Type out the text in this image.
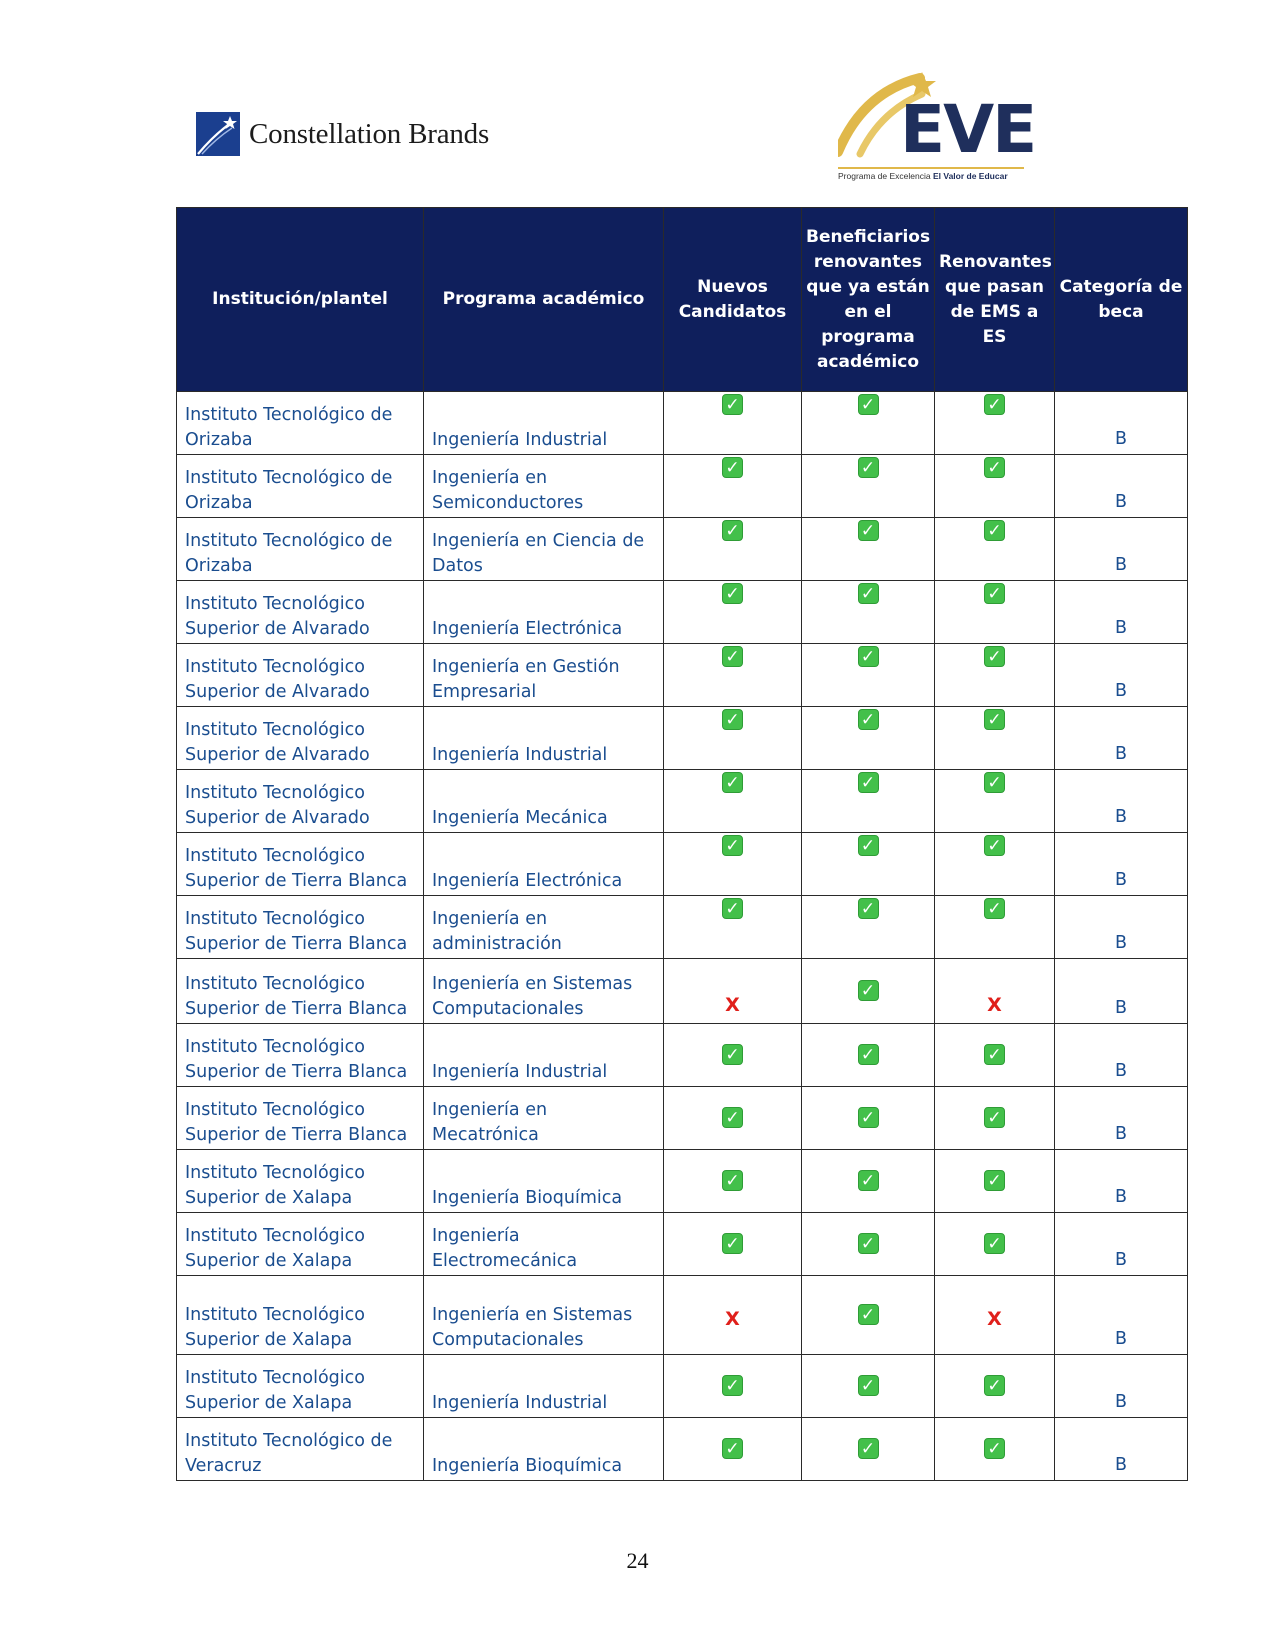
Constellation Brands	EVE
Programa de Excelencia El Valor de Educar
Institución/plantel	Programa académico	Nuevos Candidatos	Beneficiarios renovantes que ya están en el programa académico	Renovantes que pasan de EMS a ES	Categoría de beca
Instituto Tecnológico de Orizaba	Ingeniería Industrial	✓	✓	✓	B
Instituto Tecnológico de Orizaba	Ingeniería en Semiconductores	✓	✓	✓	B
Instituto Tecnológico de Orizaba	Ingeniería en Ciencia de Datos	✓	✓	✓	B
Instituto Tecnológico Superior de Alvarado	Ingeniería Electrónica	✓	✓	✓	B
Instituto Tecnológico Superior de Alvarado	Ingeniería en Gestión Empresarial	✓	✓	✓	B
Instituto Tecnológico Superior de Alvarado	Ingeniería Industrial	✓	✓	✓	B
Instituto Tecnológico Superior de Alvarado	Ingeniería Mecánica	✓	✓	✓	B
Instituto Tecnológico Superior de Tierra Blanca	Ingeniería Electrónica	✓	✓	✓	B
Instituto Tecnológico Superior de Tierra Blanca	Ingeniería en administración	✓	✓	✓	B
Instituto Tecnológico Superior de Tierra Blanca	Ingeniería en Sistemas Computacionales	X	✓	X	B
Instituto Tecnológico Superior de Tierra Blanca	Ingeniería Industrial	✓	✓	✓	B
Instituto Tecnológico Superior de Tierra Blanca	Ingeniería en Mecatrónica	✓	✓	✓	B
Instituto Tecnológico Superior de Xalapa	Ingeniería Bioquímica	✓	✓	✓	B
Instituto Tecnológico Superior de Xalapa	Ingeniería Electromecánica	✓	✓	✓	B
Instituto Tecnológico Superior de Xalapa	Ingeniería en Sistemas Computacionales	X	✓	X	B
Instituto Tecnológico Superior de Xalapa	Ingeniería Industrial	✓	✓	✓	B
Instituto Tecnológico de Veracruz	Ingeniería Bioquímica	✓	✓	✓	B
24
